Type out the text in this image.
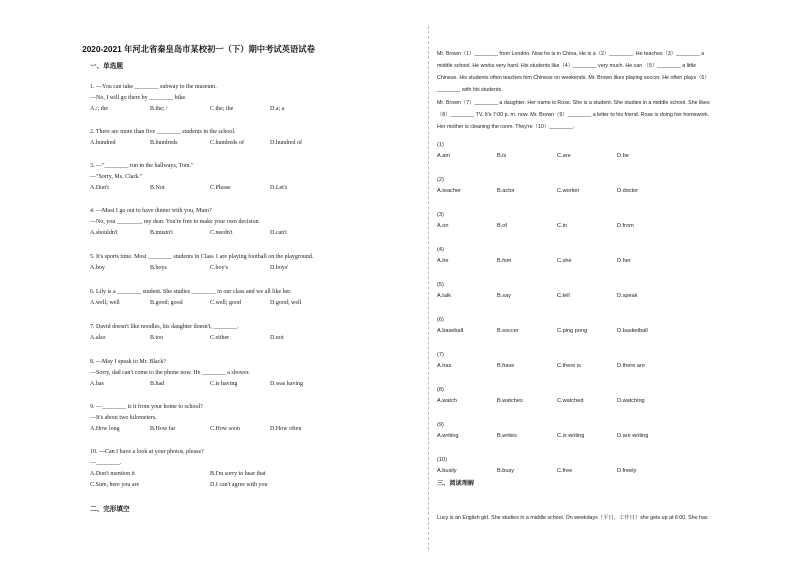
2020-2021 年河北省秦皇岛市某校初一（下）期中考试英语试卷
一、单选题
1. —You can take ________ subway to the museum.
—No, I will go there by ________ bike.
A./; the	B.the; /	C.the; the	D.a; a
2. There are more than five ________ students in the school.
A.hundred	B.hundreds	C.hundreds of	D.hundred of
3. —"________ run in the hallways, Tom."
—"Sorry, Ms. Clark."
A.Don't	B.Not	C.Please	D.Let's
4. —Must I go out to have dinner with you, Mum?
—No, you ________, my dear. You're free to make your own decision.
A.shouldn't	B.mustn't	C.needn't	D.can't
5. It's sports time. Most ________ students in Class 1 are playing football on the playground.
A.boy	B.boys	C.boy's	D.boys'
6. Lily is a ________ student. She studies ________ in our class and we all like her.
A.well; well	B.good; good	C.well; good	D.good; well
7. David doesn't like noodles, his daughter doesn't, ________.
A.also	B.too	C.either	D.not
8. —May I speak to Mr. Black?
—Sorry, dad can't come to the phone now. He ________ a shower.
A.has	B.had	C.is having	D.was having
9. —________ is it from your home to school?
—It's about two kilometers.
A.How long	B.How far	C.How soon	D.How often
10. —Can I have a look at your photos, please?
—________.
A.Don't mention it	B.I'm sorry to hear that
C.Sure, here you are	D.I can't agree with you
二、完形填空
Mr. Brown（1）________ from London. Now he is in China, He is a（2）________. He teaches（3）________ a
middle school. He works very hard. His students like（4）________ very much. He can （5）________ a little
Chinese. His students often teaches him Chinese on weekends. Mr. Brown likes playing soccer. He often plays（6）
________ with his students.
Mr. Brown（7）________ a daughter. Her name is Rose. She is a student. She studies in a middle school. She likes
（8）________ TV. It's 7:00 p. m. now. Mr. Brown（9）________ a letter to his friend. Rose is doing her homework.
Her mother is cleaning the room. They're（10）________.
(1)
A.am	B.is	C.are	D.be
(2)
A.teacher	B.actor	C.worker	D.doctor
(3)
A.on	B.of	C.in	D.from
(4)
A.he	B.him	C.she	D.her
(5)
A.talk	B.say	C.tell	D.speak
(6)
A.baseball	B.soccer	C.ping pong	D.basketball
(7)
A.has	B.have	C.there is	D.there are
(8)
A.watch	B.watches	C.watched	D.watching
(9)
A.writing	B.writes	C.is writing	D.are writing
(10)
A.busily	B.busy	C.free	D.freely
三、阅读理解
Lucy is an English girl. She studies in a middle school. On weekdays（平日，工作日）she gets up at 6:00. She has
